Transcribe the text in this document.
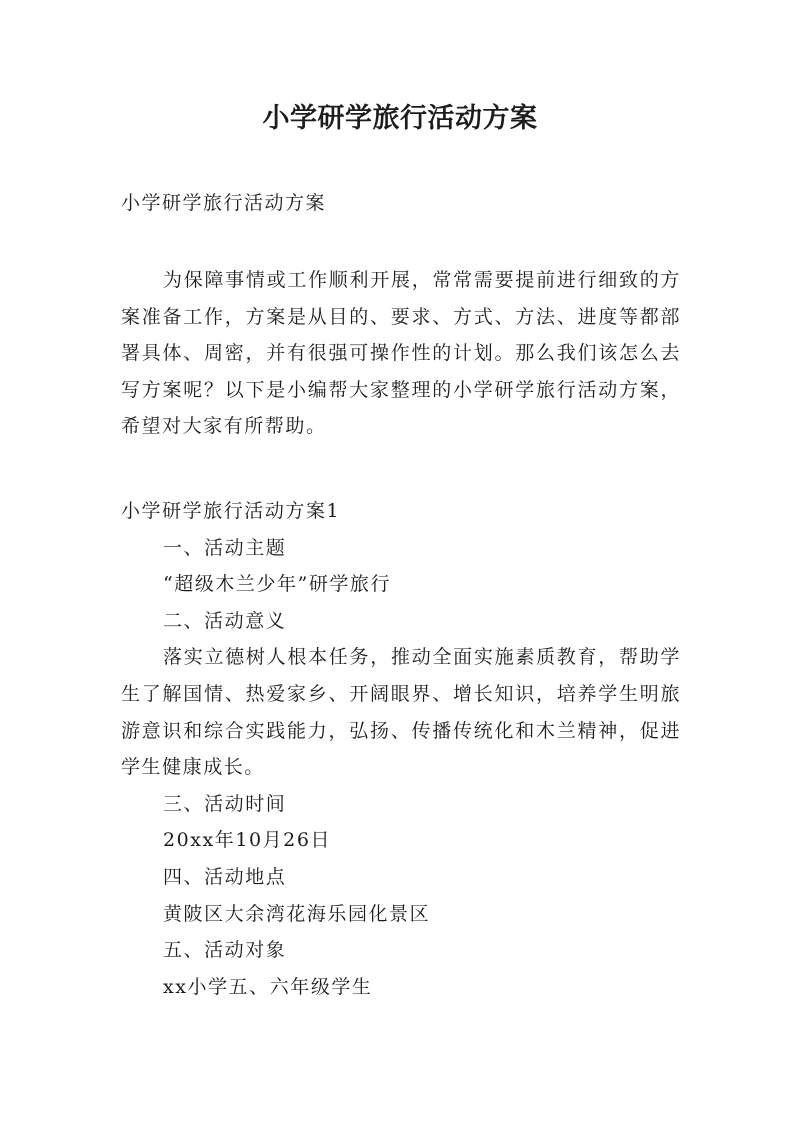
小学研学旅行活动方案
小学研学旅行活动方案

为保障事情或工作顺利开展，常常需要提前进行细致的方案准备工作，方案是从目的、要求、方式、方法、进度等都部署具体、周密，并有很强可操作性的计划。那么我们该怎么去写方案呢？以下是小编帮大家整理的小学研学旅行活动方案，希望对大家有所帮助。

小学研学旅行活动方案1

一、活动主题

“超级木兰少年”研学旅行

二、活动意义

落实立德树人根本任务，推动全面实施素质教育，帮助学生了解国情、热爱家乡、开阔眼界、增长知识，培养学生明旅游意识和综合实践能力，弘扬、传播传统化和木兰精神，促进学生健康成长。

三、活动时间

20xx年10月26日

四、活动地点

黄陂区大余湾花海乐园化景区

五、活动对象

xx小学五、六年级学生
